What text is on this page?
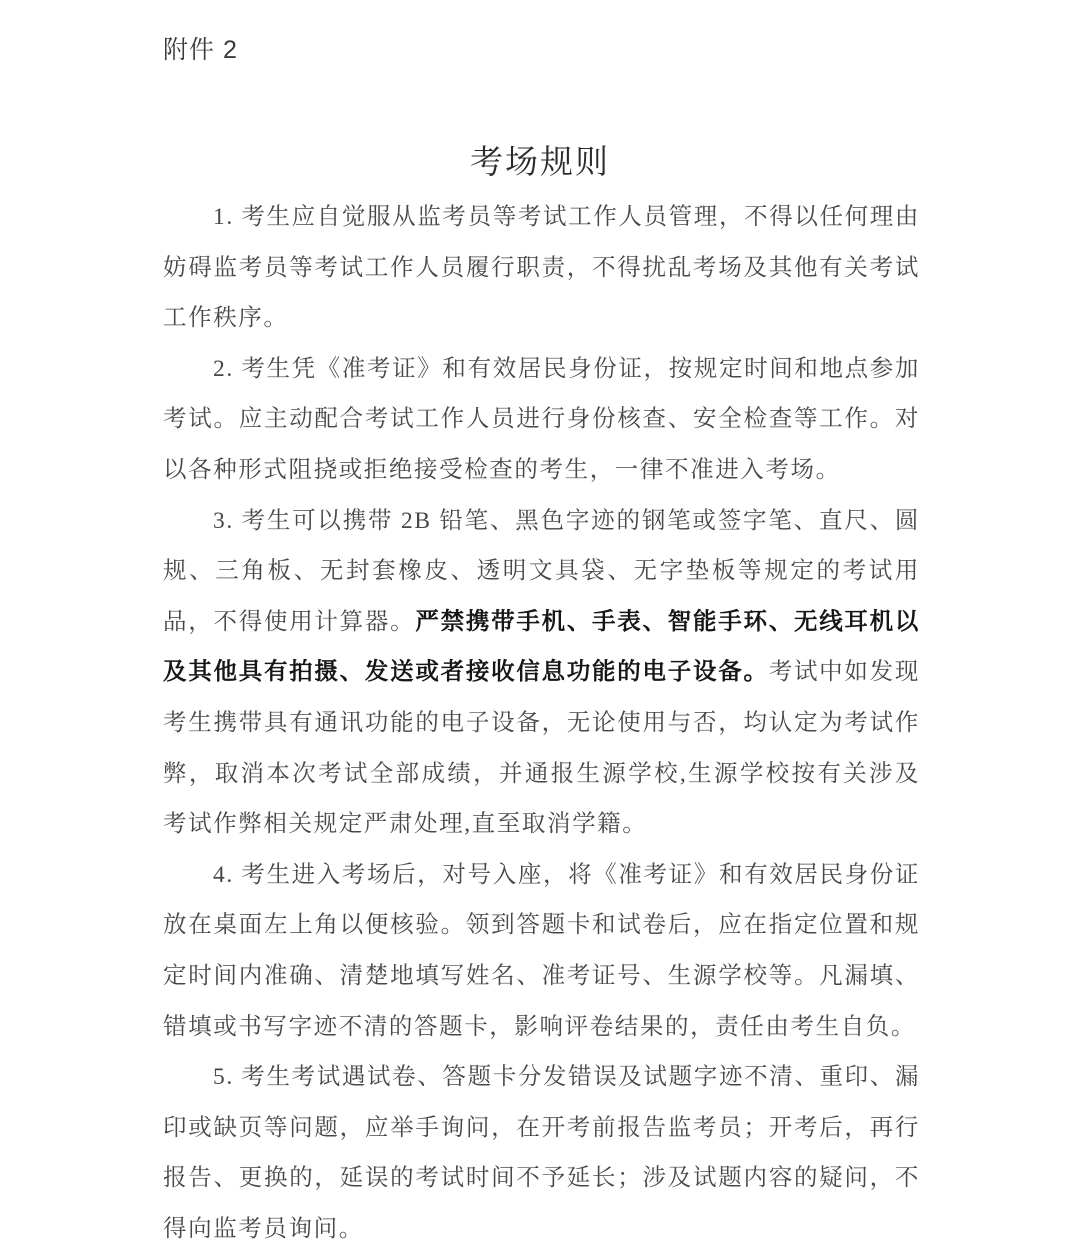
附件 2
考场规则

1. 考生应自觉服从监考员等考试工作人员管理，不得以任何理由妨碍监考员等考试工作人员履行职责，不得扰乱考场及其他有关考试工作秩序。

2. 考生凭《准考证》和有效居民身份证，按规定时间和地点参加考试。应主动配合考试工作人员进行身份核查、安全检查等工作。对以各种形式阻挠或拒绝接受检查的考生，一律不准进入考场。

3. 考生可以携带 2B 铅笔、黑色字迹的钢笔或签字笔、直尺、圆规、三角板、无封套橡皮、透明文具袋、无字垫板等规定的考试用品，不得使用计算器。严禁携带手机、手表、智能手环、无线耳机以及其他具有拍摄、发送或者接收信息功能的电子设备。考试中如发现考生携带具有通讯功能的电子设备，无论使用与否，均认定为考试作弊，取消本次考试全部成绩，并通报生源学校,生源学校按有关涉及考试作弊相关规定严肃处理,直至取消学籍。

4. 考生进入考场后，对号入座，将《准考证》和有效居民身份证放在桌面左上角以便核验。领到答题卡和试卷后，应在指定位置和规定时间内准确、清楚地填写姓名、准考证号、生源学校等。凡漏填、错填或书写字迹不清的答题卡，影响评卷结果的，责任由考生自负。

5. 考生考试遇试卷、答题卡分发错误及试题字迹不清、重印、漏印或缺页等问题，应举手询问，在开考前报告监考员；开考后，再行报告、更换的，延误的考试时间不予延长；涉及试题内容的疑问，不得向监考员询问。
